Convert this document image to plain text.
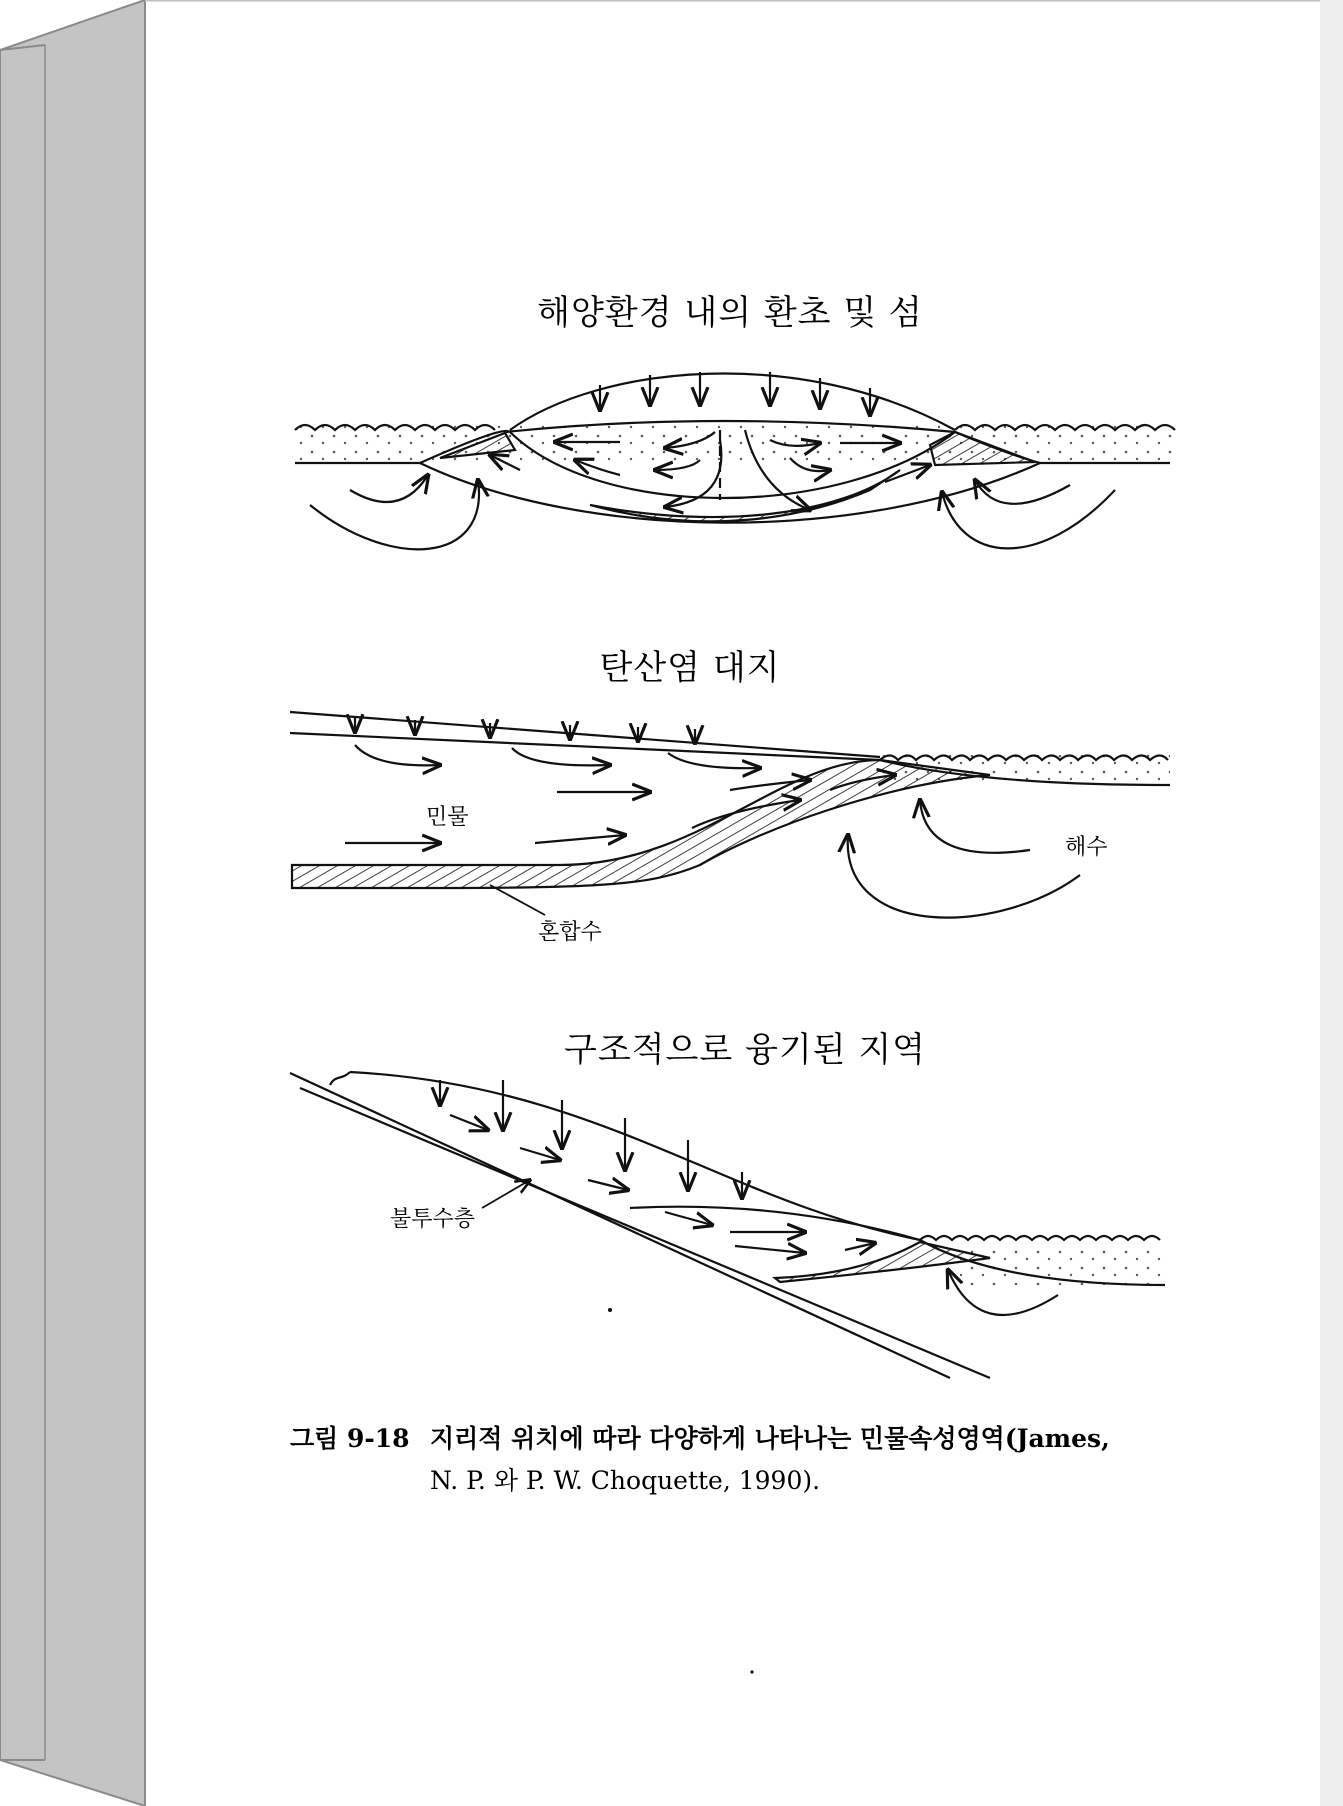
해양환경 내의 환초 및 섬
탄산염 대지
구조적으로 융기된 지역
민물
해수
혼합수
불투수층
그림 9-18 지리적 위치에 따라 다양하게 나타나는 민물속성영역(James,
N. P. 와 P. W. Choquette, 1990).
